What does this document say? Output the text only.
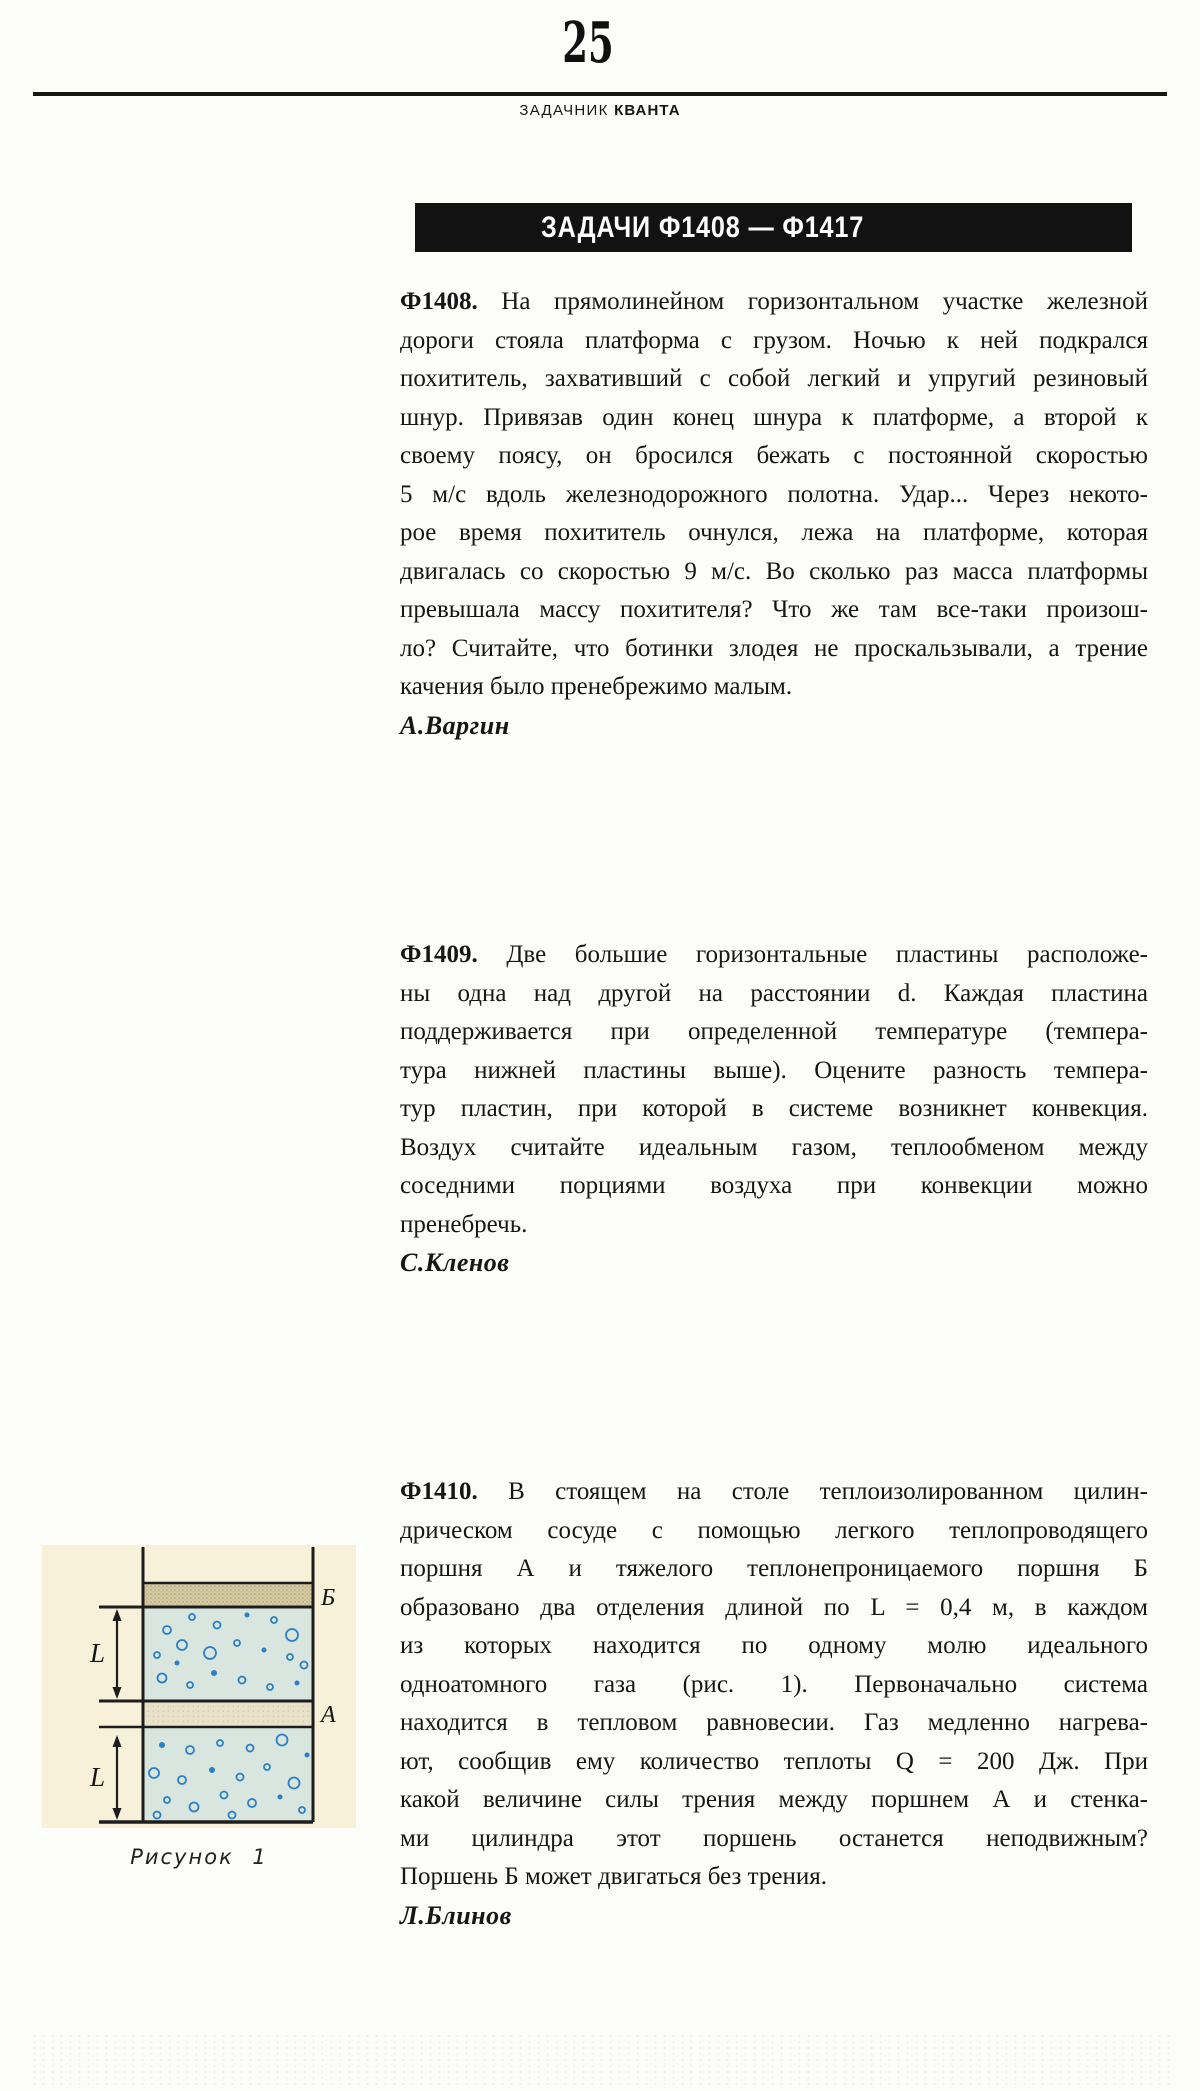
25
ЗАДАЧНИК КВАНТА
ЗАДАЧИ Ф1408 — Ф1417
Ф1408. На прямолинейном горизонтальном участке железной
дороги стояла платформа с грузом. Ночью к ней подкрался
похититель, захвативший с собой легкий и упругий резиновый
шнур. Привязав один конец шнура к платформе, а второй к
своему поясу, он бросился бежать с постоянной скоростью
5 м/с вдоль железнодорожного полотна. Удар... Через некото-
рое время похититель очнулся, лежа на платформе, которая
двигалась со скоростью 9 м/с. Во сколько раз масса платформы
превышала массу похитителя? Что же там все-таки произош-
ло? Считайте, что ботинки злодея не проскальзывали, а трение
качения было пренебрежимо малым.
А.Варгин
Ф1409. Две большие горизонтальные пластины расположе-
ны одна над другой на расстоянии d. Каждая пластина
поддерживается при определенной температуре (темпера-
тура нижней пластины выше). Оцените разность темпера-
тур пластин, при которой в системе возникнет конвекция.
Воздух считайте идеальным газом, теплообменом между
соседними порциями воздуха при конвекции можно
пренебречь.
С.Кленов
Ф1410. В стоящем на столе теплоизолированном цилин-
дрическом сосуде с помощью легкого теплопроводящего
поршня А и тяжелого теплонепроницаемого поршня Б
образовано два отделения длиной по L = 0,4 м, в каждом
из которых находится по одному молю идеального
одноатомного газа (рис. 1). Первоначально система
находится в тепловом равновесии. Газ медленно нагрева-
ют, сообщив ему количество теплоты Q = 200 Дж. При
какой величине силы трения между поршнем А и стенка-
ми цилиндра этот поршень останется неподвижным?
Поршень Б может двигаться без трения.
Л.Блинов
Б
А
L
L
Рисунок 1
